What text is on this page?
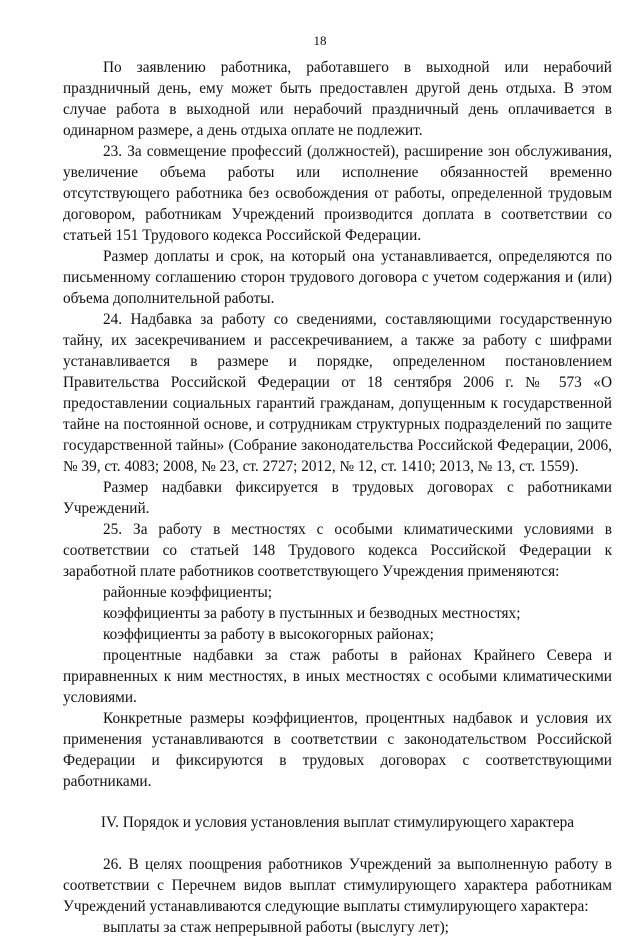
18

По заявлению работника, работавшего в выходной или нерабочий праздничный день, ему может быть предоставлен другой день отдыха. В этом случае работа в выходной или нерабочий праздничный день оплачивается в одинарном размере, а день отдыха оплате не подлежит.

23. За совмещение профессий (должностей), расширение зон обслуживания, увеличение объема работы или исполнение обязанностей временно отсутствующего работника без освобождения от работы, определенной трудовым договором, работникам Учреждений производится доплата в соответствии со статьей 151 Трудового кодекса Российской Федерации.

Размер доплаты и срок, на который она устанавливается, определяются по письменному соглашению сторон трудового договора с учетом содержания и (или) объема дополнительной работы.

24. Надбавка за работу со сведениями, составляющими государственную тайну, их засекречиванием и рассекречиванием, а также за работу с шифрами устанавливается в размере и порядке, определенном постановлением Правительства Российской Федерации от 18 сентября 2006 г. № 573 «О предоставлении социальных гарантий гражданам, допущенным к государственной тайне на постоянной основе, и сотрудникам структурных подразделений по защите государственной тайны» (Собрание законодательства Российской Федерации, 2006, № 39, ст. 4083; 2008, № 23, ст. 2727; 2012, № 12, ст. 1410; 2013, № 13, ст. 1559).

Размер надбавки фиксируется в трудовых договорах с работниками Учреждений.

25. За работу в местностях с особыми климатическими условиями в соответствии со статьей 148 Трудового кодекса Российской Федерации к заработной плате работников соответствующего Учреждения применяются:

районные коэффициенты;

коэффициенты за работу в пустынных и безводных местностях;

коэффициенты за работу в высокогорных районах;

процентные надбавки за стаж работы в районах Крайнего Севера и приравненных к ним местностях, в иных местностях с особыми климатическими условиями.

Конкретные размеры коэффициентов, процентных надбавок и условия их применения устанавливаются в соответствии с законодательством Российской Федерации и фиксируются в трудовых договорах с соответствующими работниками.

IV. Порядок и условия установления выплат стимулирующего характера

26. В целях поощрения работников Учреждений за выполненную работу в соответствии с Перечнем видов выплат стимулирующего характера работникам Учреждений устанавливаются следующие выплаты стимулирующего характера:

выплаты за стаж непрерывной работы (выслугу лет);
